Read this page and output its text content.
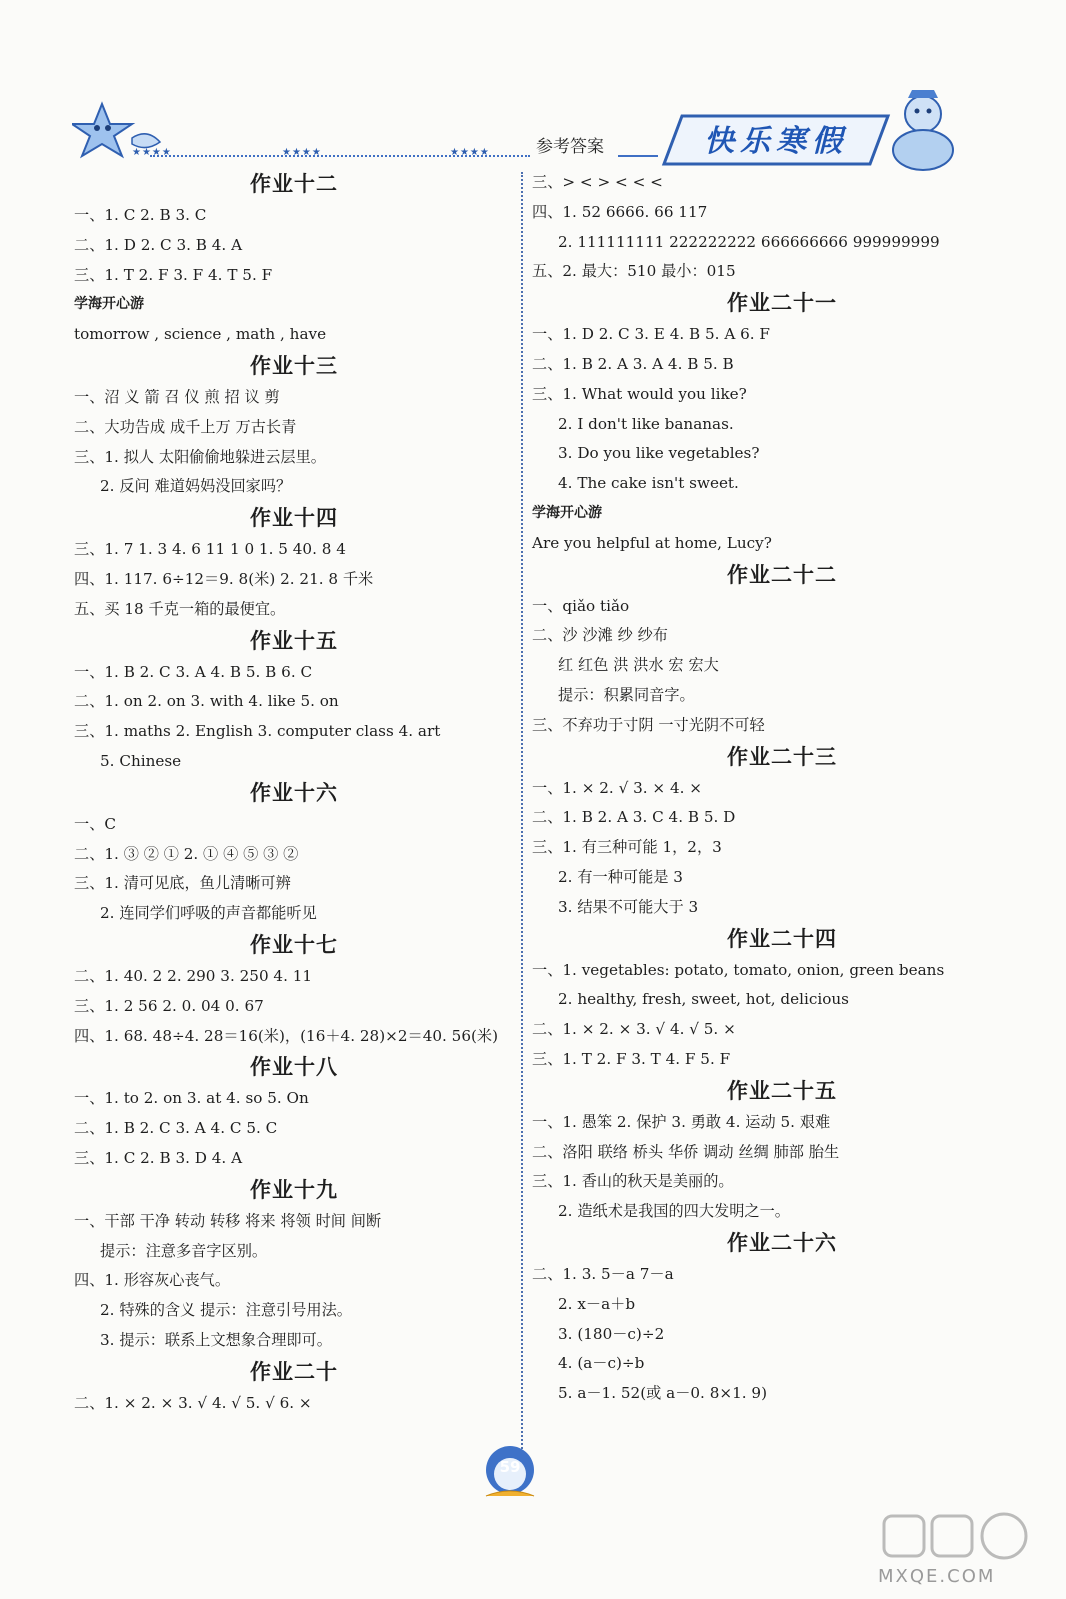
★★★★	★★★★	★★★★	参考答案	快乐寒假
作业十二
一、1. C 2. B 3. C
二、1. D 2. C 3. B 4. A
三、1. T 2. F 3. F 4. T 5. F
学海开心游
tomorrow , science , math , have
作业十三
一、沼 义 箭 召 仪 煎 招 议 剪
二、大功告成 成千上万 万古长青
三、1. 拟人 太阳偷偷地躲进云层里。
2. 反问 难道妈妈没回家吗？
作业十四
三、1. 7 1. 3 4. 6 11 1 0 1. 5 40. 8 4
四、1. 117. 6÷12＝9. 8(米) 2. 21. 8 千米
五、买 18 千克一箱的最便宜。
作业十五
一、1. B 2. C 3. A 4. B 5. B 6. C
二、1. on 2. on 3. with 4. like 5. on
三、1. maths 2. English 3. computer class 4. art
5. Chinese
作业十六
一、C
二、1. ③ ② ① 2. ① ④ ⑤ ③ ②
三、1. 清可见底，鱼儿清晰可辨
2. 连同学们呼吸的声音都能听见
作业十七
二、1. 40. 2 2. 290 3. 250 4. 11
三、1. 2 56 2. 0. 04 0. 67
四、1. 68. 48÷4. 28＝16(米)，(16＋4. 28)×2＝40. 56(米)
作业十八
一、1. to 2. on 3. at 4. so 5. On
二、1. B 2. C 3. A 4. C 5. C
三、1. C 2. B 3. D 4. A
作业十九
一、干部 干净 转动 转移 将来 将领 时间 间断
提示：注意多音字区别。
四、1. 形容灰心丧气。
2. 特殊的含义 提示：注意引号用法。
3. 提示：联系上文想象合理即可。
作业二十
二、1. × 2. × 3. √ 4. √ 5. √ 6. ×
三、> < > < < <
四、1. 52 6666. 66 117
2. 111111111 222222222 666666666 999999999
五、2. 最大：510 最小：015
作业二十一
一、1. D 2. C 3. E 4. B 5. A 6. F
二、1. B 2. A 3. A 4. B 5. B
三、1. What would you like?
2. I don't like bananas.
3. Do you like vegetables?
4. The cake isn't sweet.
学海开心游
Are you helpful at home, Lucy?
作业二十二
一、qiǎo tiǎo
二、沙 沙滩 纱 纱布
红 红色 洪 洪水 宏 宏大
提示：积累同音字。
三、不弃功于寸阴 一寸光阴不可轻
作业二十三
一、1. × 2. √ 3. × 4. ×
二、1. B 2. A 3. C 4. B 5. D
三、1. 有三种可能 1，2，3
2. 有一种可能是 3
3. 结果不可能大于 3
作业二十四
一、1. vegetables: potato, tomato, onion, green beans
2. healthy, fresh, sweet, hot, delicious
二、1. × 2. × 3. √ 4. √ 5. ×
三、1. T 2. F 3. T 4. F 5. F
作业二十五
一、1. 愚笨 2. 保护 3. 勇敢 4. 运动 5. 艰难
二、洛阳 联络 桥头 华侨 调动 丝绸 肺部 胎生
三、1. 香山的秋天是美丽的。
2. 造纸术是我国的四大发明之一。
作业二十六
二、1. 3. 5－a 7－a
2. x－a＋b
3. (180－c)÷2
4. (a－c)÷b
5. a－1. 52(或 a－0. 8×1. 9)
59
MXQE.COM
